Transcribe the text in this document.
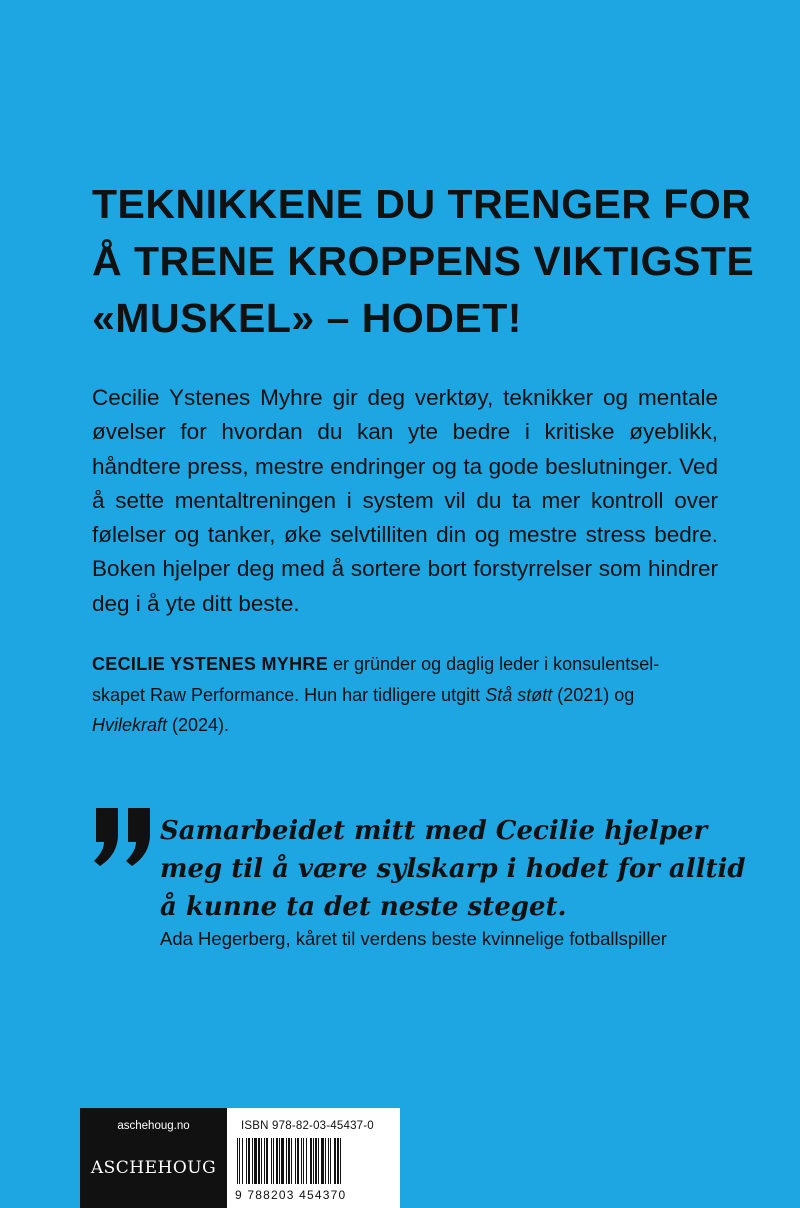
TEKNIKKENE DU TRENGER FOR
Å TRENE KROPPENS VIKTIGSTE
«MUSKEL» – HODET!

Cecilie Ystenes Myhre gir deg verktøy, teknikker og mentale øvelser for hvordan du kan yte bedre i kritiske øyeblikk, håndtere press, mestre endringer og ta gode beslutninger. Ved å sette mentaltreningen i system vil du ta mer kontroll over følelser og tanker, øke selvtilliten din og mestre stress bedre. Boken hjelper deg med å sortere bort forstyrrelser som hindrer deg i å yte ditt beste.

CECILIE YSTENES MYHRE er gründer og daglig leder i konsulentselskapet Raw Performance. Hun har tidligere utgitt Stå støtt (2021) og Hvilekraft (2024).

Samarbeidet mitt med Cecilie hjelper
meg til å være sylskarp i hodet for alltid
å kunne ta det neste steget.
Ada Hegerberg, kåret til verdens beste kvinnelige fotballspiller
aschehoug.no
ASCHEHOUG
ISBN 978-82-03-45437-0
9 788203 454370
